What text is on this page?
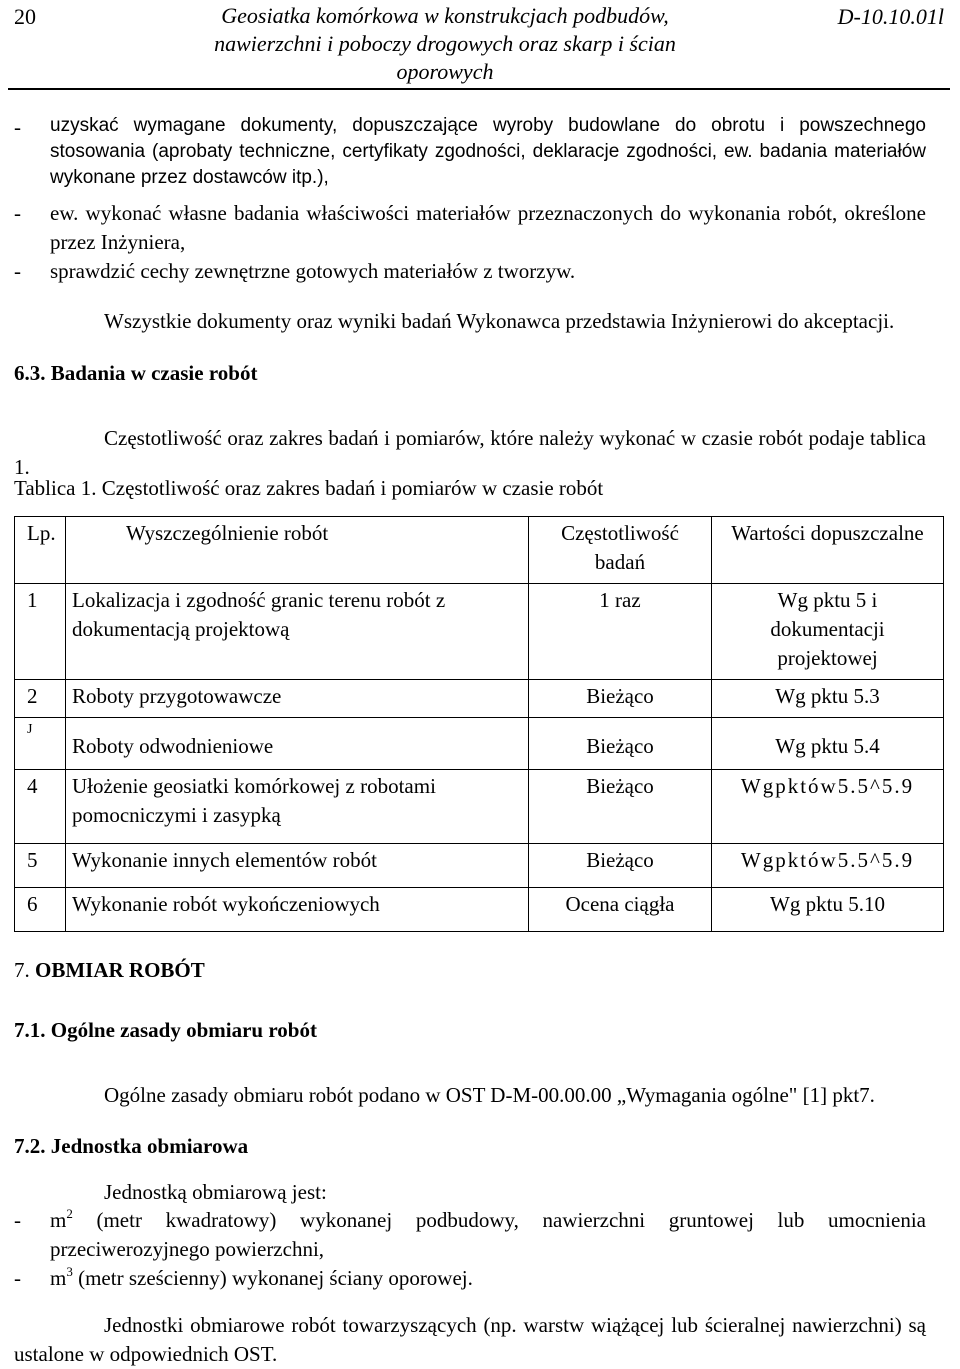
20	Geosiatka komórkowa w konstrukcjach podbudów,
nawierzchni i poboczy drogowych oraz skarp i ścian
oporowych
D-10.10.01l
- uzyskać wymagane dokumenty, dopuszczające wyroby budowlane do obrotu i powszechnego stosowania (aprobaty techniczne, certyfikaty zgodności, deklaracje zgodności, ew. badania materiałów wykonane przez dostawców itp.),
- ew. wykonać własne badania właściwości materiałów przeznaczonych do wykonania robót, określone przez Inżyniera,
- sprawdzić cechy zewnętrzne gotowych materiałów z tworzyw.

Wszystkie dokumenty oraz wyniki badań Wykonawca przedstawia Inżynierowi do akceptacji.

6.3. Badania w czasie robót

Częstotliwość oraz zakres badań i pomiarów, które należy wykonać w czasie robót podaje tablica 1.

Tablica 1. Częstotliwość oraz zakres badań i pomiarów w czasie robót
Lp.	Wyszczególnienie robót	Częstotliwość badań	Wartości dopuszczalne
1	Lokalizacja i zgodność granic terenu robót z dokumentacją projektową	1 raz	Wg pktu 5 i dokumentacji projektowej
2	Roboty przygotowawcze	Bieżąco	Wg pktu 5.3
J	Roboty odwodnieniowe	Bieżąco	Wg pktu 5.4
4	Ułożenie geosiatki komórkowej z robotami pomocniczymi i zasypką	Bieżąco	Wgpktów5.5^5.9
5	Wykonanie innych elementów robót	Bieżąco	Wgpktów5.5^5.9
6	Wykonanie robót wykończeniowych	Ocena ciągła	Wg pktu 5.10
7. OBMIAR ROBÓT
7.1. Ogólne zasady obmiaru robót

Ogólne zasady obmiaru robót podano w OST D-M-00.00.00 „Wymagania ogólne" [1] pkt7.

7.2. Jednostka obmiarowa
Jednostką obmiarową jest:
- $m^2$ (metr kwadratowy) wykonanej podbudowy, nawierzchni gruntowej lub umocnienia przeciwerozyjnego powierzchni,
- $m^3$ (metr sześcienny) wykonanej ściany oporowej.

Jednostki obmiarowe robót towarzyszących (np. warstw wiążącej lub ścieralnej nawierzchni) są ustalone w odpowiednich OST.
